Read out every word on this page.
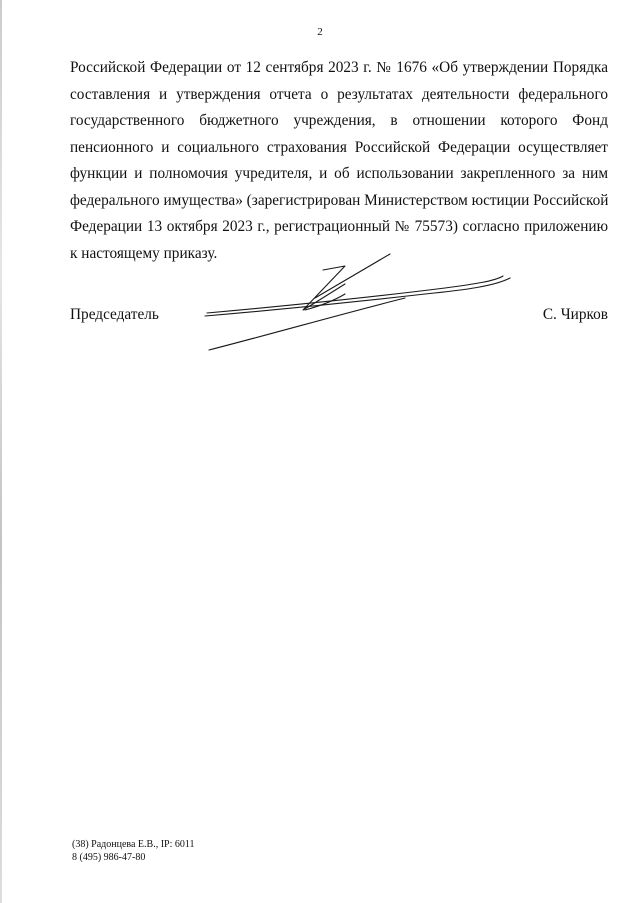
2
Российской Федерации от 12 сентября 2023 г. № 1676 «Об утверждении Порядка
составления и утверждения отчета о результатах деятельности федерального
государственного бюджетного учреждения, в отношении которого Фонд
пенсионного и социального страхования Российской Федерации осуществляет
функции и полномочия учредителя, и об использовании закрепленного за ним
федерального имущества» (зарегистрирован Министерством юстиции Российской
Федерации 13 октября 2023 г., регистрационный № 75573) согласно приложению
к настоящему приказу.
Председатель	С. Чирков
(38) Радонцева Е.В., IP: 6011
8 (495) 986-47-80
